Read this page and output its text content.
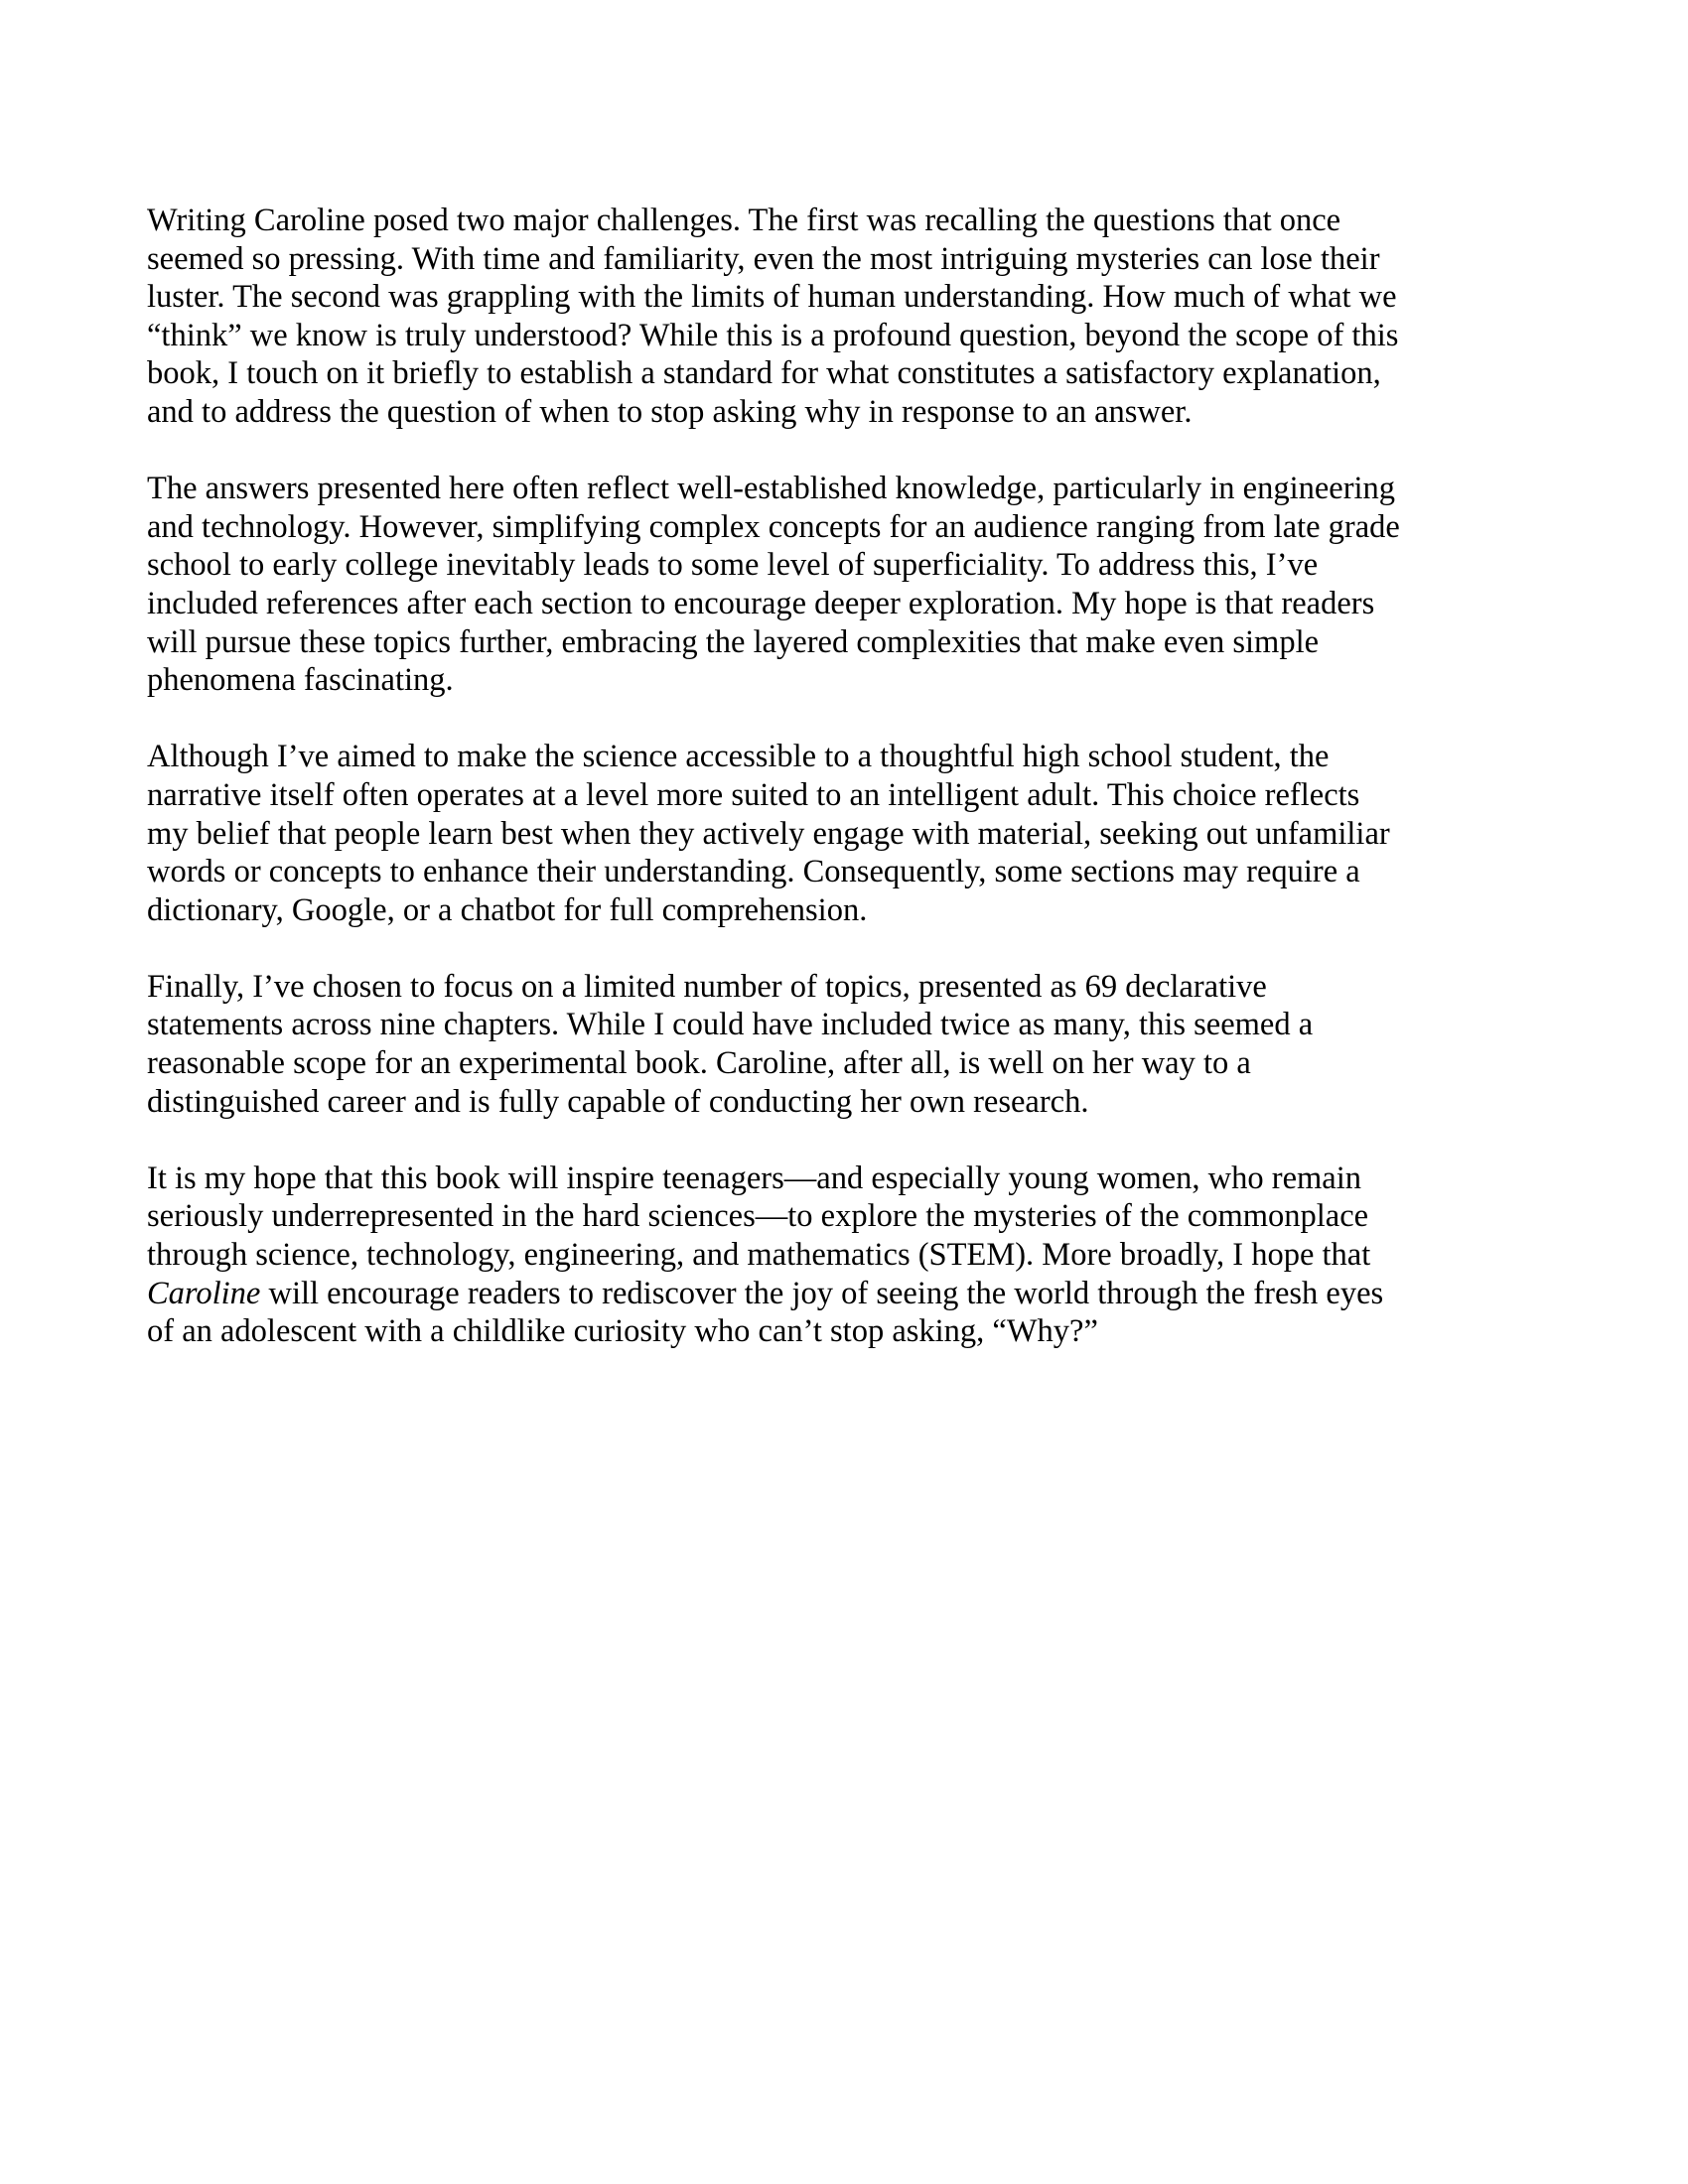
Writing Caroline posed two major challenges. The first was recalling the questions that once
seemed so pressing. With time and familiarity, even the most intriguing mysteries can lose their
luster. The second was grappling with the limits of human understanding. How much of what we
“think” we know is truly understood? While this is a profound question, beyond the scope of this
book, I touch on it briefly to establish a standard for what constitutes a satisfactory explanation,
and to address the question of when to stop asking why in response to an answer.
The answers presented here often reflect well-established knowledge, particularly in engineering
and technology. However, simplifying complex concepts for an audience ranging from late grade
school to early college inevitably leads to some level of superficiality. To address this, I’ve
included references after each section to encourage deeper exploration. My hope is that readers
will pursue these topics further, embracing the layered complexities that make even simple
phenomena fascinating.
Although I’ve aimed to make the science accessible to a thoughtful high school student, the
narrative itself often operates at a level more suited to an intelligent adult. This choice reflects
my belief that people learn best when they actively engage with material, seeking out unfamiliar
words or concepts to enhance their understanding. Consequently, some sections may require a
dictionary, Google, or a chatbot for full comprehension.
Finally, I’ve chosen to focus on a limited number of topics, presented as 69 declarative
statements across nine chapters. While I could have included twice as many, this seemed a
reasonable scope for an experimental book. Caroline, after all, is well on her way to a
distinguished career and is fully capable of conducting her own research.
It is my hope that this book will inspire teenagers—and especially young women, who remain
seriously underrepresented in the hard sciences—to explore the mysteries of the commonplace
through science, technology, engineering, and mathematics (STEM). More broadly, I hope that
Caroline will encourage readers to rediscover the joy of seeing the world through the fresh eyes
of an adolescent with a childlike curiosity who can’t stop asking, “Why?”
